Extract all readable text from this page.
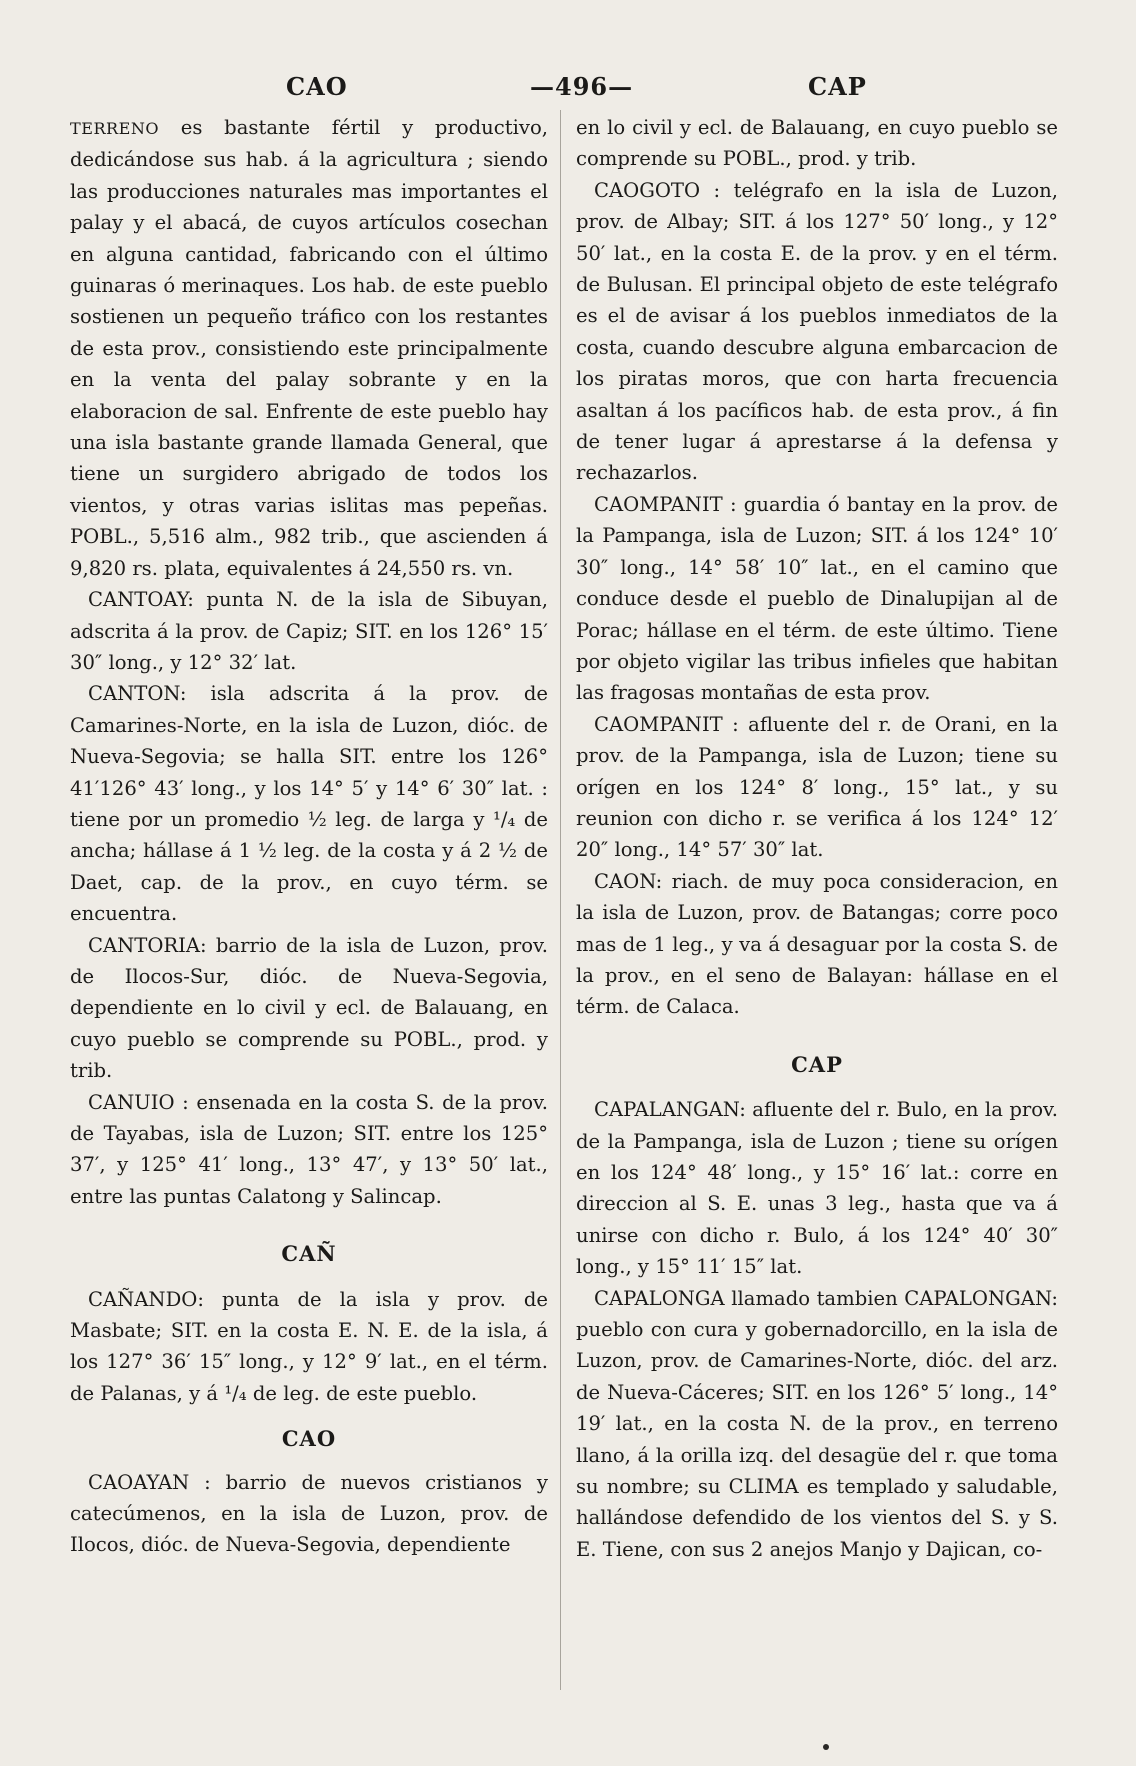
CAO	—496—	CAP

TERRENO es bastante fértil y productivo, dedicándose sus hab. á la agricultura ; siendo las producciones naturales mas importantes el palay y el abacá, de cuyos artículos cosechan en alguna cantidad, fabricando con el último guinaras ó merinaques. Los hab. de este pueblo sostienen un pequeño tráfico con los restantes de esta prov., consistiendo este principalmente en la venta del palay sobrante y en la elaboracion de sal. Enfrente de este pueblo hay una isla bastante grande llamada General, que tiene un surgidero abrigado de todos los vientos, y otras varias islitas mas pepeñas. POBL., 5,516 alm., 982 trib., que ascienden á 9,820 rs. plata, equivalentes á 24,550 rs. vn.

CANTOAY: punta N. de la isla de Sibuyan, adscrita á la prov. de Capiz; SIT. en los 126° 15′ 30″ long., y 12° 32′ lat.

CANTON: isla adscrita á la prov. de Camarines-Norte, en la isla de Luzon, dióc. de Nueva-Segovia; se halla SIT. entre los 126° 41′126° 43′ long., y los 14° 5′ y 14° 6′ 30″ lat. : tiene por un promedio ½ leg. de larga y ¹/₄ de ancha; hállase á 1 ½ leg. de la costa y á 2 ½ de Daet, cap. de la prov., en cuyo térm. se encuentra.

CANTORIA: barrio de la isla de Luzon, prov. de Ilocos-Sur, dióc. de Nueva-Segovia, dependiente en lo civil y ecl. de Balauang, en cuyo pueblo se comprende su POBL., prod. y trib.

CANUIO : ensenada en la costa S. de la prov. de Tayabas, isla de Luzon; SIT. entre los 125° 37′, y 125° 41′ long., 13° 47′, y 13° 50′ lat., entre las puntas Calatong y Salincap.

CAÑ

CAÑANDO: punta de la isla y prov. de Masbate; SIT. en la costa E. N. E. de la isla, á los 127° 36′ 15″ long., y 12° 9′ lat., en el térm. de Palanas, y á ¹/₄ de leg. de este pueblo.

CAO

CAOAYAN : barrio de nuevos cristianos y catecúmenos, en la isla de Luzon, prov. de Ilocos, dióc. de Nueva-Segovia, dependiente

en lo civil y ecl. de Balauang, en cuyo pueblo se comprende su POBL., prod. y trib.

CAOGOTO : telégrafo en la isla de Luzon, prov. de Albay; SIT. á los 127° 50′ long., y 12° 50′ lat., en la costa E. de la prov. y en el térm. de Bulusan. El principal objeto de este telégrafo es el de avisar á los pueblos inmediatos de la costa, cuando descubre alguna embarcacion de los piratas moros, que con harta frecuencia asaltan á los pacíficos hab. de esta prov., á fin de tener lugar á aprestarse á la defensa y rechazarlos.

CAOMPANIT : guardia ó bantay en la prov. de la Pampanga, isla de Luzon; SIT. á los 124° 10′ 30″ long., 14° 58′ 10″ lat., en el camino que conduce desde el pueblo de Dinalupijan al de Porac; hállase en el térm. de este último. Tiene por objeto vigilar las tribus infieles que habitan las fragosas montañas de esta prov.

CAOMPANIT : afluente del r. de Orani, en la prov. de la Pampanga, isla de Luzon; tiene su orígen en los 124° 8′ long., 15° lat., y su reunion con dicho r. se verifica á los 124° 12′ 20″ long., 14° 57′ 30″ lat.

CAON: riach. de muy poca consideracion, en la isla de Luzon, prov. de Batangas; corre poco mas de 1 leg., y va á desaguar por la costa S. de la prov., en el seno de Balayan: hállase en el térm. de Calaca.

CAP

CAPALANGAN: afluente del r. Bulo, en la prov. de la Pampanga, isla de Luzon ; tiene su orígen en los 124° 48′ long., y 15° 16′ lat.: corre en direccion al S. E. unas 3 leg., hasta que va á unirse con dicho r. Bulo, á los 124° 40′ 30″ long., y 15° 11′ 15″ lat.

CAPALONGA llamado tambien CAPALONGAN: pueblo con cura y gobernadorcillo, en la isla de Luzon, prov. de Camarines-Norte, dióc. del arz. de Nueva-Cáceres; SIT. en los 126° 5′ long., 14° 19′ lat., en la costa N. de la prov., en terreno llano, á la orilla izq. del desagüe del r. que toma su nombre; su CLIMA es templado y saludable, hallándose defendido de los vientos del S. y S. E. Tiene, con sus 2 anejos Manjo y Dajican, co-
